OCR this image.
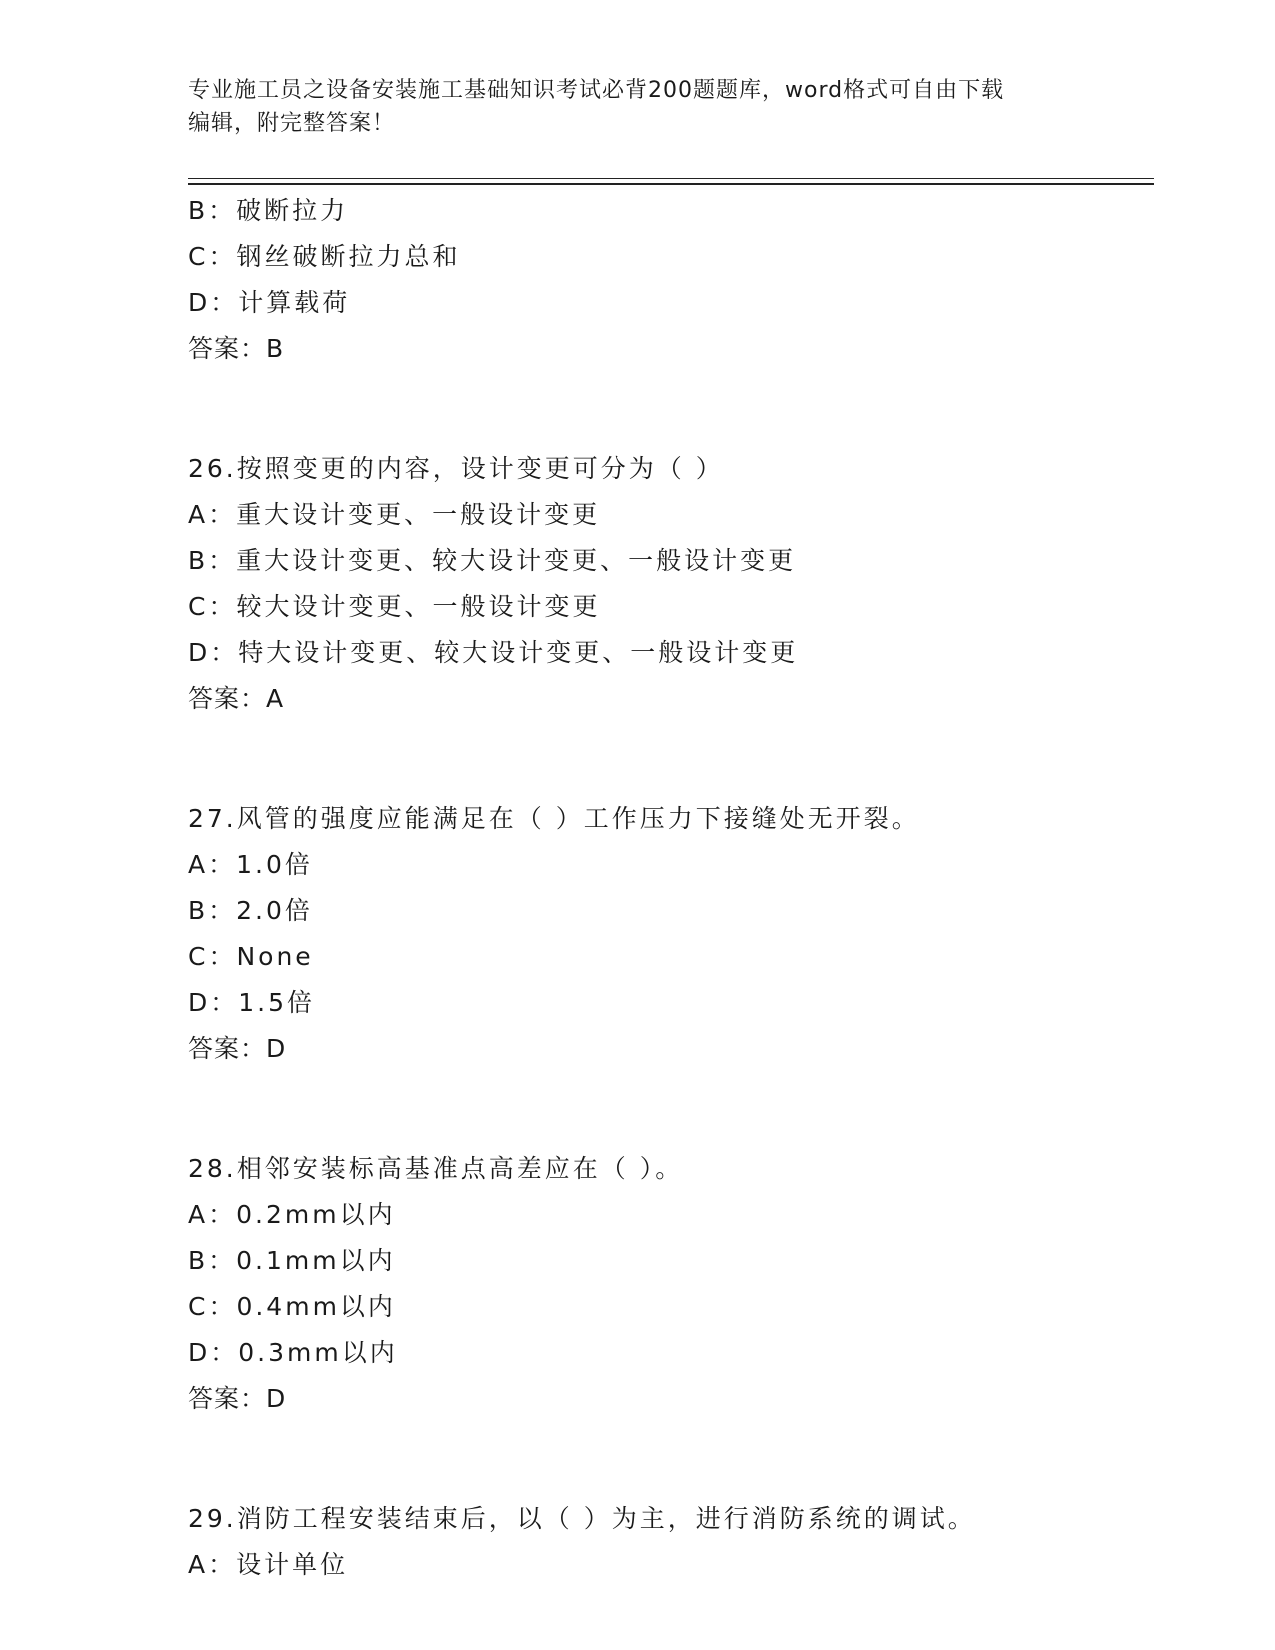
专业施工员之设备安装施工基础知识考试必背200题题库，word格式可自由下载
编辑，附完整答案！
B：破断拉力
C：钢丝破断拉力总和
D：计算载荷
答案：B
26.按照变更的内容，设计变更可分为（ ）
A：重大设计变更、一般设计变更
B：重大设计变更、较大设计变更、一般设计变更
C：较大设计变更、一般设计变更
D：特大设计变更、较大设计变更、一般设计变更
答案：A
27.风管的强度应能满足在（ ）工作压力下接缝处无开裂。
A：1.0倍
B：2.0倍
C：None
D：1.5倍
答案：D
28.相邻安装标高基准点高差应在（ ）。
A：0.2mm以内
B：0.1mm以内
C：0.4mm以内
D：0.3mm以内
答案：D
29.消防工程安装结束后，以（ ）为主，进行消防系统的调试。
A：设计单位
